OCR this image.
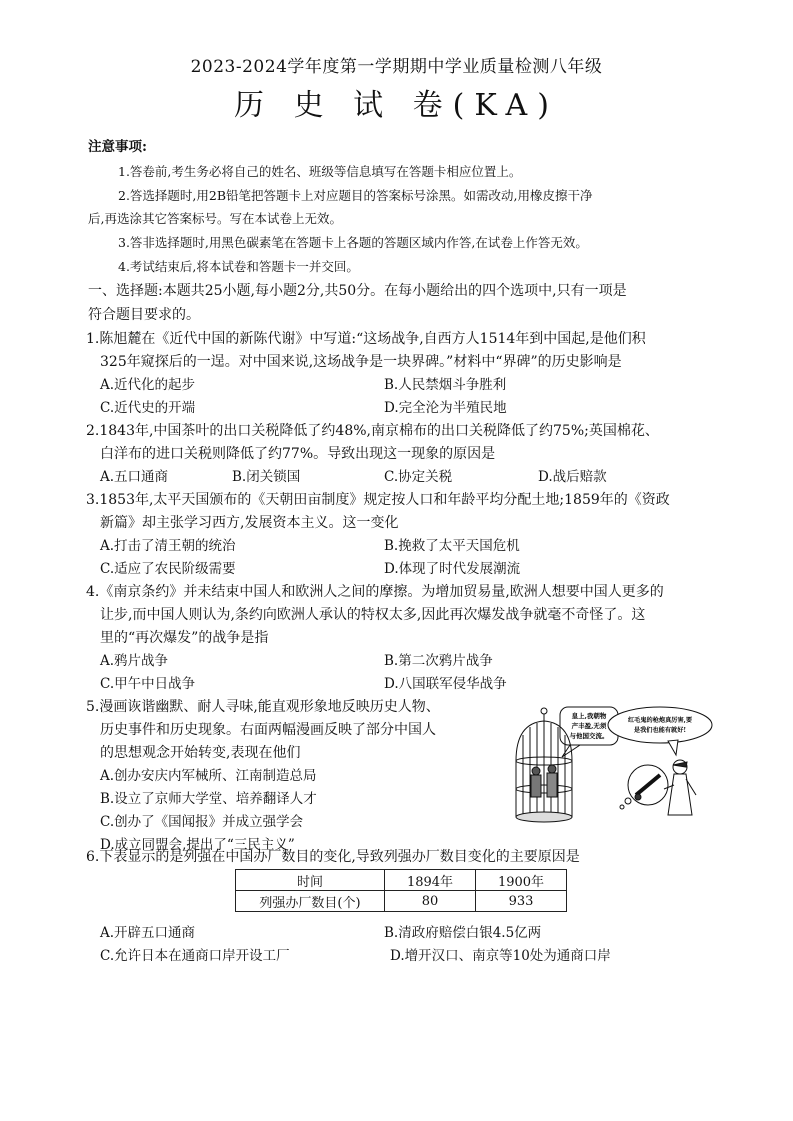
2023-2024学年度第一学期期中学业质量检测八年级
历 史 试 卷(KA)
注意事项:
1.答卷前,考生务必将自己的姓名、班级等信息填写在答题卡相应位置上。
2.答选择题时,用2B铅笔把答题卡上对应题目的答案标号涂黑。如需改动,用橡皮擦干净
后,再选涂其它答案标号。写在本试卷上无效。
3.答非选择题时,用黑色碳素笔在答题卡上各题的答题区域内作答,在试卷上作答无效。
4.考试结束后,将本试卷和答题卡一并交回。
一、选择题:本题共25小题,每小题2分,共50分。在每小题给出的四个选项中,只有一项是
符合题目要求的。
1.陈旭麓在《近代中国的新陈代谢》中写道:“这场战争,自西方人1514年到中国起,是他们积
325年窥探后的一逞。对中国来说,这场战争是一块界碑。”材料中“界碑”的历史影响是
A.近代化的起步	B.人民禁烟斗争胜利
C.近代史的开端	D.完全沦为半殖民地
2.1843年,中国茶叶的出口关税降低了约48%,南京棉布的出口关税降低了约75%;英国棉花、
白洋布的进口关税则降低了约77%。导致出现这一现象的原因是
A.五口通商	B.闭关锁国	C.协定关税	D.战后赔款
3.1853年,太平天国颁布的《天朝田亩制度》规定按人口和年龄平均分配土地;1859年的《资政
新篇》却主张学习西方,发展资本主义。这一变化
A.打击了清王朝的统治	B.挽救了太平天国危机
C.适应了农民阶级需要	D.体现了时代发展潮流
4.《南京条约》并未结束中国人和欧洲人之间的摩擦。为增加贸易量,欧洲人想要中国人更多的
让步,而中国人则认为,条约向欧洲人承认的特权太多,因此再次爆发战争就毫不奇怪了。这
里的“再次爆发”的战争是指
A.鸦片战争	B.第二次鸦片战争
C.甲午中日战争	D.八国联军侵华战争
5.漫画诙谐幽默、耐人寻味,能直观形象地反映历史人物、
历史事件和历史现象。右面两幅漫画反映了部分中国人
的思想观念开始转变,表现在他们
A.创办安庆内军械所、江南制造总局
B.设立了京师大学堂、培养翻译人才
C.创办了《国闻报》并成立强学会
D.成立同盟会,提出了“三民主义”
皇上,我朝物
产丰盈,无须
与他国交流。
红毛鬼的枪炮真厉害,要
是我们也能有就好!
6.下表显示的是列强在中国办厂数目的变化,导致列强办厂数目变化的主要原因是
时间	1894年	1900年
列强办厂数目(个)	80	933
A.开辟五口通商	B.清政府赔偿白银4.5亿两
C.允许日本在通商口岸开设工厂	D.增开汉口、南京等10处为通商口岸
